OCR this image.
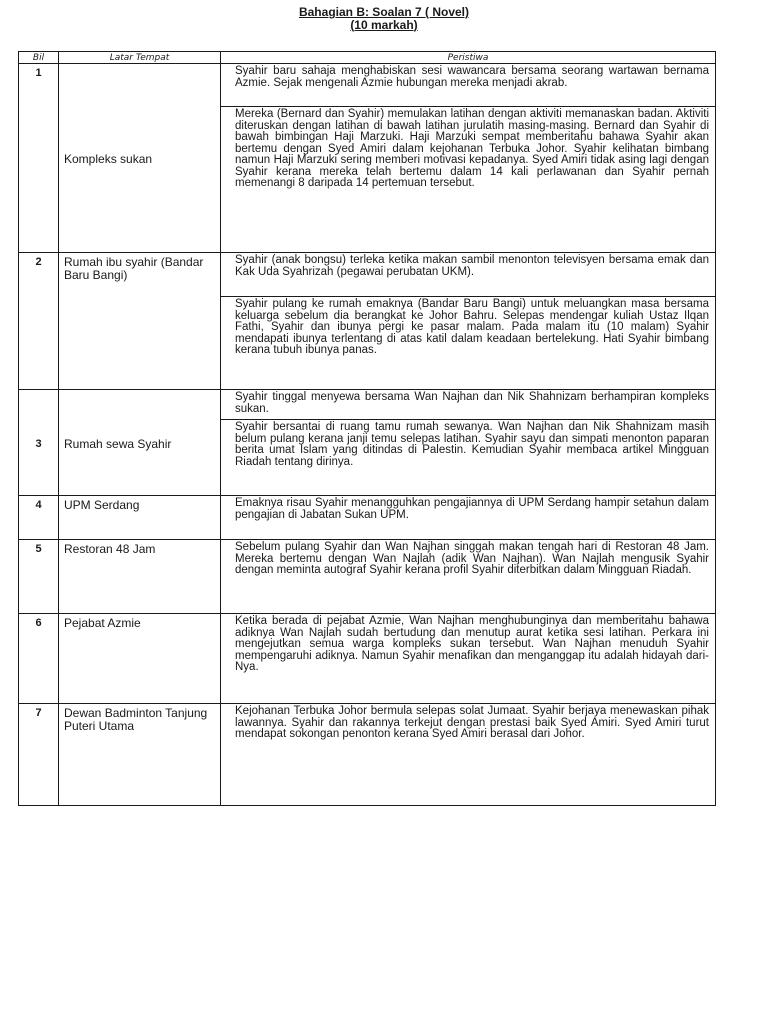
Bahagian B: Soalan 7 ( Novel)
(10 markah)
Bil	Latar Tempat	Peristiwa
1	Kompleks sukan	Syahir baru sahaja menghabiskan sesi wawancara bersama seorang wartawan bernama Azmie. Sejak mengenali Azmie hubungan mereka menjadi akrab.
Mereka (Bernard dan Syahir) memulakan latihan dengan aktiviti memanaskan badan. Aktiviti diteruskan dengan latihan di bawah latihan jurulatih masing-masing. Bernard dan Syahir di bawah bimbingan Haji Marzuki. Haji Marzuki sempat memberitahu bahawa Syahir akan bertemu dengan Syed Amiri dalam kejohanan Terbuka Johor. Syahir kelihatan bimbang namun Haji Marzuki sering memberi motivasi kepadanya. Syed Amiri tidak asing lagi dengan Syahir kerana mereka telah bertemu dalam 14 kali perlawanan dan Syahir pernah memenangi 8 daripada 14 pertemuan tersebut.

2	Rumah ibu syahir (Bandar Baru Bangi)	Syahir (anak bongsu) terleka ketika makan sambil menonton televisyen bersama emak dan Kak Uda Syahrizah (pegawai perubatan UKM).
Syahir pulang ke rumah emaknya (Bandar Baru Bangi) untuk meluangkan masa bersama keluarga sebelum dia berangkat ke Johor Bahru. Selepas mendengar kuliah Ustaz Ilqan Fathi, Syahir dan ibunya pergi ke pasar malam. Pada malam itu (10 malam) Syahir mendapati ibunya terlentang di atas katil dalam keadaan bertelekung. Hati Syahir bimbang kerana tubuh ibunya panas.

3	Rumah sewa Syahir	Syahir tinggal menyewa bersama Wan Najhan dan Nik Shahnizam berhampiran kompleks sukan.
Syahir bersantai di ruang tamu rumah sewanya. Wan Najhan dan Nik Shahnizam masih belum pulang kerana janji temu selepas latihan. Syahir sayu dan simpati menonton paparan berita umat Islam yang ditindas di Palestin. Kemudian Syahir membaca artikel Mingguan Riadah tentang dirinya.

4	UPM Serdang	Emaknya risau Syahir menangguhkan pengajiannya di UPM Serdang hampir setahun dalam pengajian di Jabatan Sukan UPM.

5	Restoran 48 Jam	Sebelum pulang Syahir dan Wan Najhan singgah makan tengah hari di Restoran 48 Jam. Mereka bertemu dengan Wan Najlah (adik Wan Najhan). Wan Najlah mengusik Syahir dengan meminta autograf Syahir kerana profil Syahir diterbitkan dalam Mingguan Riadah.

6	Pejabat Azmie	Ketika berada di pejabat Azmie, Wan Najhan menghubunginya dan memberitahu bahawa adiknya Wan Najlah sudah bertudung dan menutup aurat ketika sesi latihan. Perkara ini mengejutkan semua warga kompleks sukan tersebut. Wan Najhan menuduh Syahir mempengaruhi adiknya. Namun Syahir menafikan dan menganggap itu adalah hidayah dari-Nya.

7	Dewan Badminton Tanjung Puteri Utama	Kejohanan Terbuka Johor bermula selepas solat Jumaat. Syahir berjaya menewaskan pihak lawannya. Syahir dan rakannya terkejut dengan prestasi baik Syed Amiri. Syed Amiri turut mendapat sokongan penonton kerana Syed Amiri berasal dari Johor.
